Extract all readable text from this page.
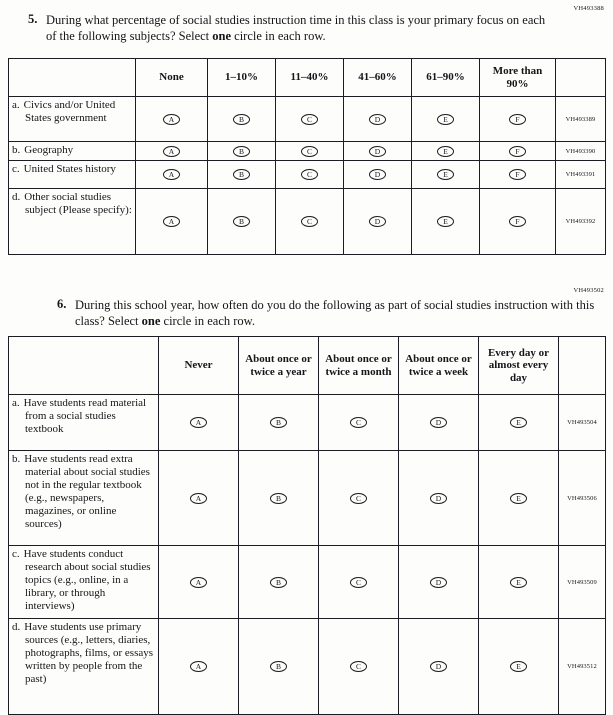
VH493388
5. During what percentage of social studies instruction time in this class is your primary focus on each of the following subjects? Select one circle in each row.
	None	1–10%	11–40%	41–60%	61–90%	More than 90%	
a. Civics and/or United States government	A	B	C	D	E	F	VH493389
b. Geography	A	B	C	D	E	F	VH493390
c. United States history	A	B	C	D	E	F	VH493391
d. Other social studies subject (Please specify):	A	B	C	D	E	F	VH493392
VH493502
6. During this school year, how often do you do the following as part of social studies instruction with this class? Select one circle in each row.
	Never	About once or twice a year	About once or twice a month	About once or twice a week	Every day or almost every day	
a. Have students read material from a social studies textbook	A	B	C	D	E	VH493504
b. Have students read extra material about social studies not in the regular textbook (e.g., newspapers, magazines, or online sources)	A	B	C	D	E	VH493506
c. Have students conduct research about social studies topics (e.g., online, in a library, or through interviews)	A	B	C	D	E	VH493509
d. Have students use primary sources (e.g., letters, diaries, photographs, films, or essays written by people from the past)	A	B	C	D	E	VH493512
